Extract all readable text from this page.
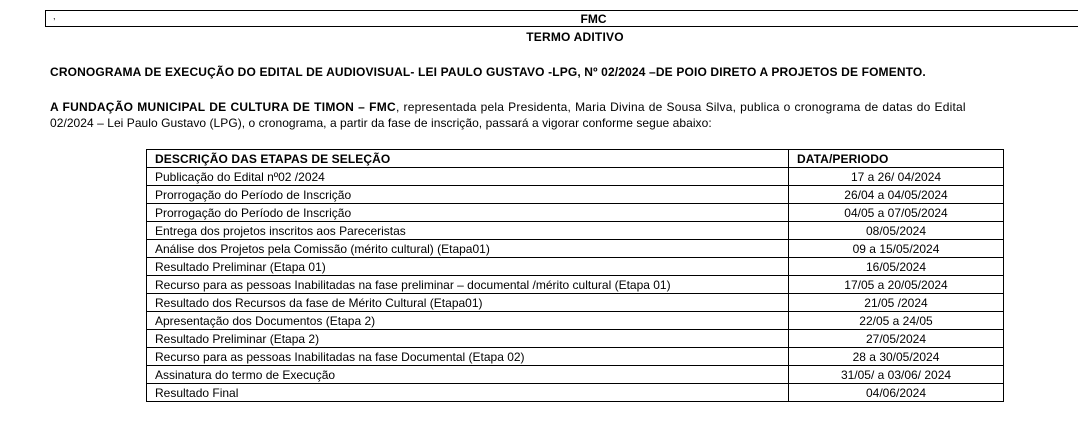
,	FMC
TERMO ADITIVO
CRONOGRAMA DE EXECUÇÃO DO EDITAL DE AUDIOVISUAL- LEI PAULO GUSTAVO -LPG, Nº 02/2024 –DE POIO DIRETO A PROJETOS DE FOMENTO.
A FUNDAÇÃO MUNICIPAL DE CULTURA DE TIMON – FMC, representada pela Presidenta, Maria Divina de Sousa Silva, publica o cronograma de datas do Edital
02/2024 – Lei Paulo Gustavo (LPG), o cronograma, a partir da fase de inscrição, passará a vigorar conforme segue abaixo:
DESCRIÇÃO DAS ETAPAS DE SELEÇÃO	DATA/PERIODO
Publicação do Edital nº02 /2024	17 a 26/ 04/2024
Prorrogação do Período de Inscrição	26/04 a 04/05/2024
Prorrogação do Período de Inscrição	04/05 a 07/05/2024
Entrega dos projetos inscritos aos Pareceristas	08/05/2024
Análise dos Projetos pela Comissão (mérito cultural) (Etapa01)	09 a 15/05/2024
Resultado Preliminar (Etapa 01)	16/05/2024
Recurso para as pessoas Inabilitadas na fase preliminar – documental /mérito cultural (Etapa 01)	17/05 a 20/05/2024
Resultado dos Recursos da fase de Mérito Cultural (Etapa01)	21/05 /2024
Apresentação dos Documentos (Etapa 2)	22/05 a 24/05
Resultado Preliminar (Etapa 2)	27/05/2024
Recurso para as pessoas Inabilitadas na fase Documental (Etapa 02)	28 a 30/05/2024
Assinatura do termo de Execução	31/05/ a 03/06/ 2024
Resultado Final	04/06/2024
